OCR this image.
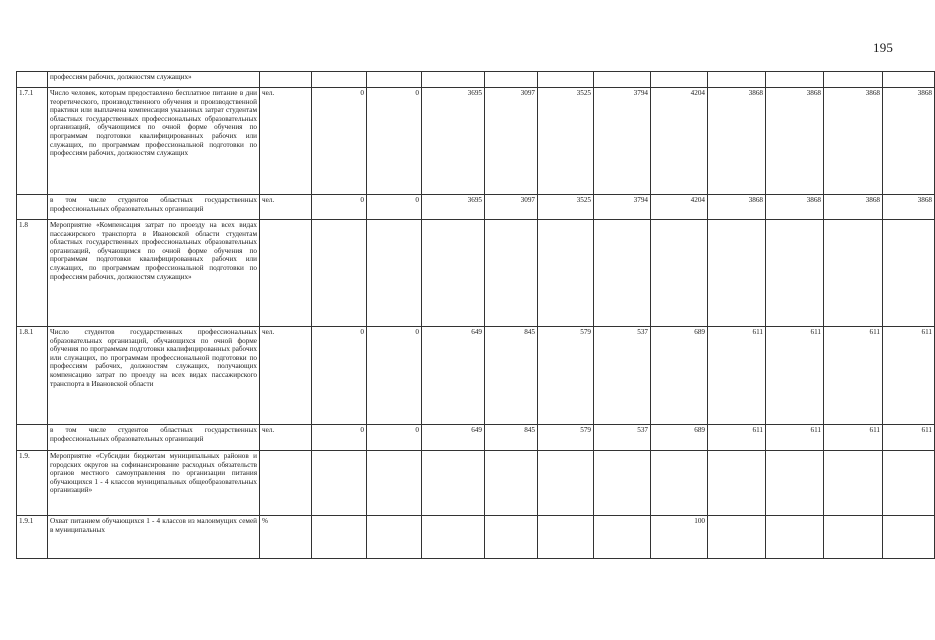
195
	профессиям рабочих, должностям служащих»												
1.7.1	Число человек, которым предоставлено бесплатное питание в дни теоретического, производственного обучения и производственной практики или выплачена компенсация указанных затрат студентам областных государственных профессиональных образовательных организаций, обучающимся по очной форме обучения по программам подготовки квалифицированных рабочих или служащих, по программам профессиональной подготовки по профессиям рабочих, должностям служащих	чел.	0	0	3695	3097	3525	3794	4204	3868	3868	3868	3868
	в том числе студентов областных государственных профессиональных образовательных организаций	чел.	0	0	3695	3097	3525	3794	4204	3868	3868	3868	3868
1.8	Мероприятие «Компенсация затрат по проезду на всех видах пассажирского транспорта в Ивановской области студентам областных государственных профессиональных образовательных организаций, обучающимся по очной форме обучения по программам подготовки квалифицированных рабочих или служащих, по программам профессиональной подготовки по профессиям рабочих, должностям служащих»												
1.8.1	Число студентов государственных профессиональных образовательных организаций, обучающихся по очной форме обучения по программам подготовки квалифицированных рабочих или служащих, по программам профессиональной подготовки по профессиям рабочих, должностям служащих, получающих компенсацию затрат по проезду на всех видах пассажирского транспорта в Ивановской области	чел.	0	0	649	845	579	537	689	611	611	611	611
	в том числе студентов областных государственных профессиональных образовательных организаций	чел.	0	0	649	845	579	537	689	611	611	611	611
1.9.	Мероприятие «Субсидии бюджетам муниципальных районов и городских округов на софинансирование расходных обязательств органов местного самоуправления по организации питания обучающихся 1 - 4 классов муниципальных общеобразовательных организаций»												
1.9.1	Охват питанием обучающихся 1 - 4 классов из малоимущих семей в муниципальных	%							100				
